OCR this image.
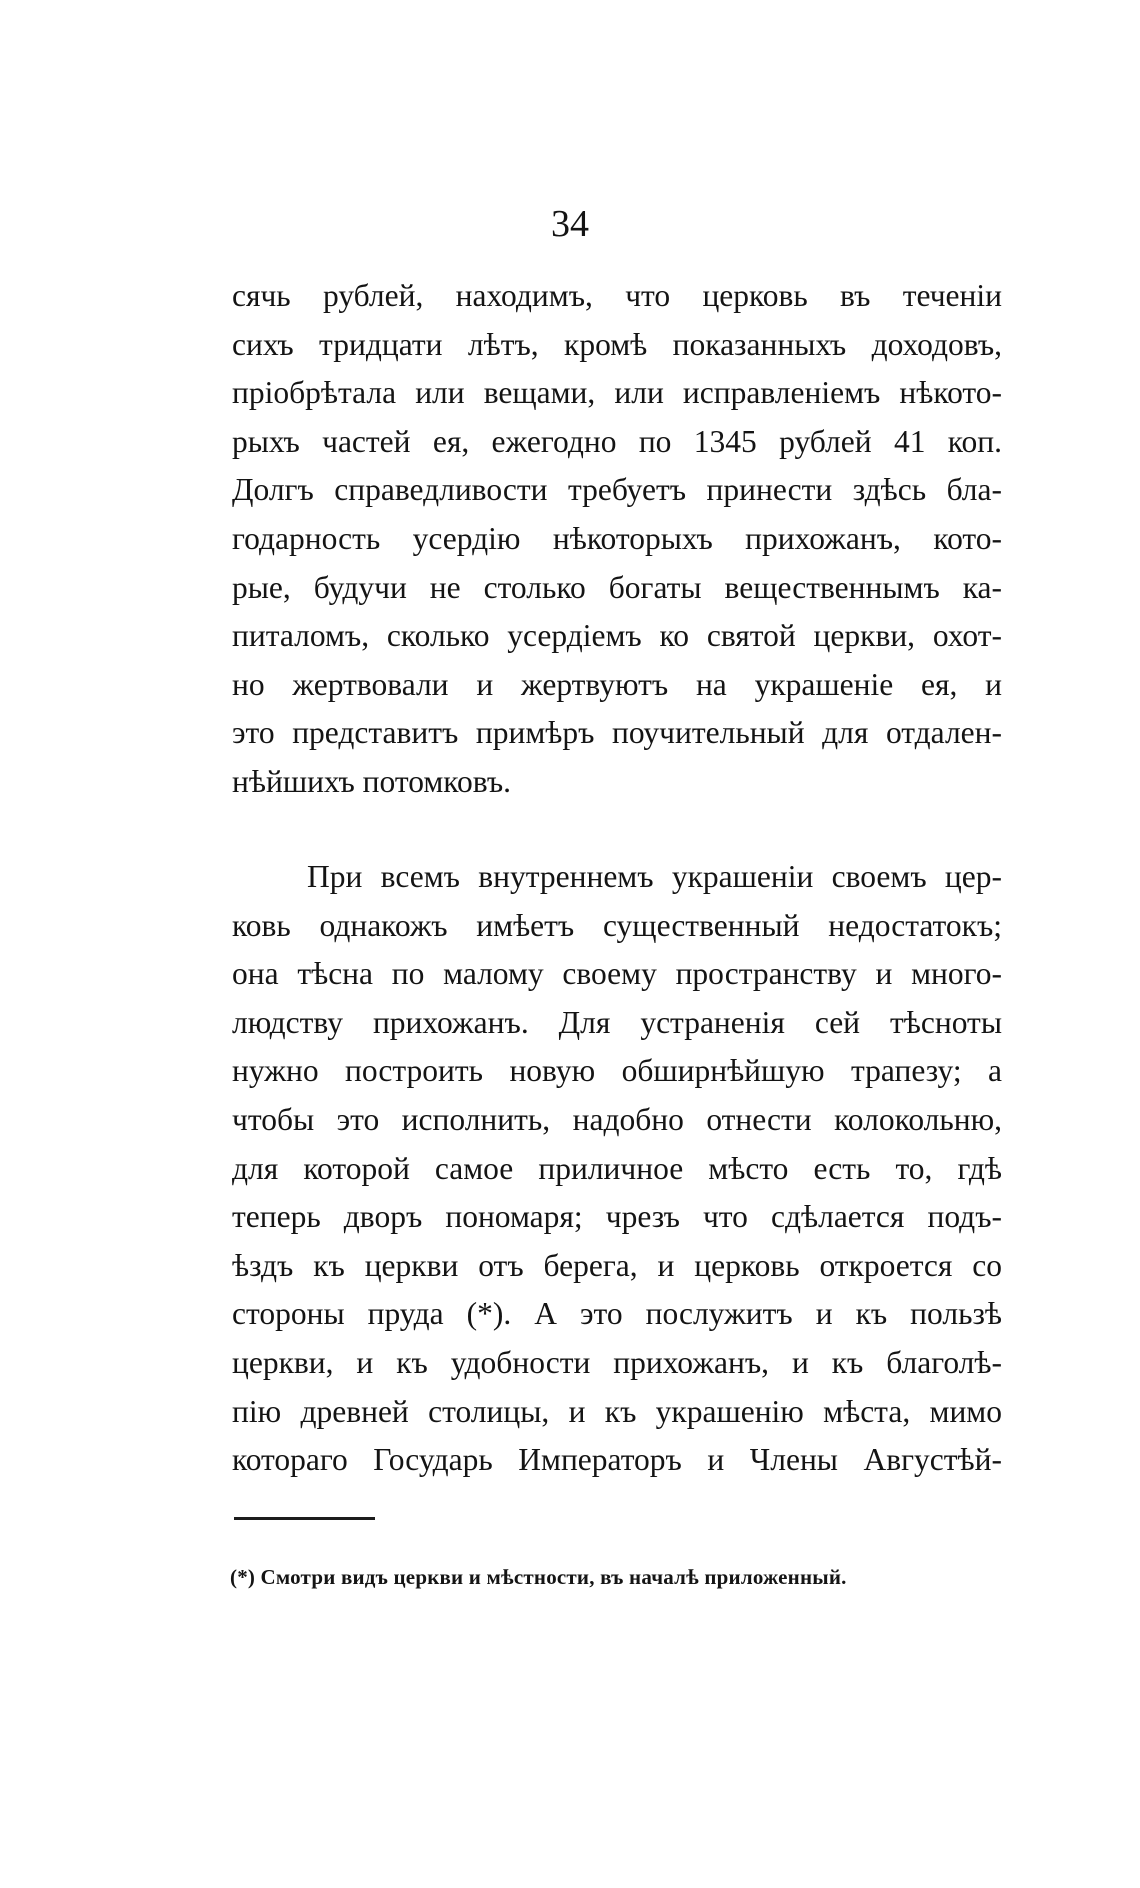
34
сячь рублей, находимъ, что церковь въ теченіи
сихъ тридцати лѣтъ, кромѣ показанныхъ доходовъ,
пріобрѣтала или вещами, или исправленіемъ нѣкото-
рыхъ частей ея, ежегодно по 1345 рублей 41 коп.
Долгъ справедливости требуетъ принести здѣсь бла-
годарность усердію нѣкоторыхъ прихожанъ, кото-
рые, будучи не столько богаты вещественнымъ ка-
питаломъ, сколько усердіемъ ко святой церкви, охот-
но жертвовали и жертвуютъ на украшеніе ея, и
это представитъ примѣръ поучительный для отдален-
нѣйшихъ потомковъ.
При всемъ внутреннемъ украшеніи своемъ цер-
ковь однакожъ имѣетъ существенный недостатокъ;
она тѣсна по малому своему пространству и много-
людству прихожанъ. Для устраненія сей тѣсноты
нужно построить новую обширнѣйшую трапезу; а
чтобы это исполнить, надобно отнести колокольню,
для которой самое приличное мѣсто есть то, гдѣ
теперь дворъ пономаря; чрезъ что сдѣлается подъ-
ѣздъ къ церкви отъ берега, и церковь откроется со
стороны пруда (*). А это послужитъ и къ пользѣ
церкви, и къ удобности прихожанъ, и къ благолѣ-
пію древней столицы, и къ украшенію мѣста, мимо
котораго Государь Императоръ и Члены Августѣй-
(*) Смотри видъ церкви и мѣстности, въ началѣ приложенный.
